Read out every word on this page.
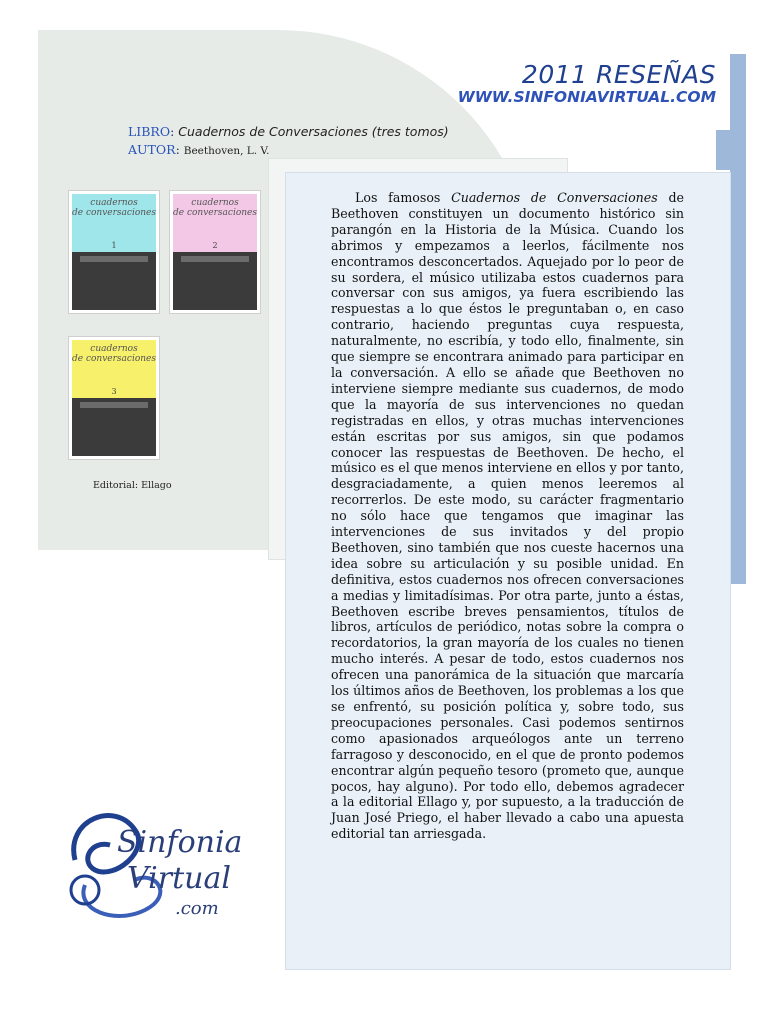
2011 RESEÑAS
WWW.SINFONIAVIRTUAL.COM
LIBRO: Cuadernos de Conversaciones (tres tomos)
AUTOR: Beethoven, L. V.
cuadernos
de conversaciones
1
cuadernos
de conversaciones
2
cuadernos
de conversaciones
3
Editorial: Ellago
Los famosos Cuadernos de Conversaciones de Beethoven constituyen un documento histórico sin parangón en la Historia de la Música. Cuando los abrimos y empezamos a leerlos, fácilmente nos encontramos desconcertados. Aquejado por lo peor de su sordera, el músico utilizaba estos cuadernos para conversar con sus amigos, ya fuera escribiendo las respuestas a lo que éstos le preguntaban o, en caso contrario, haciendo preguntas cuya respuesta, naturalmente, no escribía, y todo ello, finalmente, sin que siempre se encontrara animado para participar en la conversación. A ello se añade que Beethoven no interviene siempre mediante sus cuadernos, de modo que la mayoría de sus intervenciones no quedan registradas en ellos, y otras muchas intervenciones están escritas por sus amigos, sin que podamos conocer las respuestas de Beethoven. De hecho, el músico es el que menos interviene en ellos y por tanto, desgraciadamente, a quien menos leeremos al recorrerlos. De este modo, su carácter fragmentario no sólo hace que tengamos que imaginar las intervenciones de sus invitados y del propio Beethoven, sino también que nos cueste hacernos una idea sobre su articulación y su posible unidad. En definitiva, estos cuadernos nos ofrecen conversaciones a medias y limitadísimas. Por otra parte, junto a éstas, Beethoven escribe breves pensamientos, títulos de libros, artículos de periódico, notas sobre la compra o recordatorios, la gran mayoría de los cuales no tienen mucho interés. A pesar de todo, estos cuadernos nos ofrecen una panorámica de la situación que marcaría los últimos años de Beethoven, los problemas a los que se enfrentó, su posición política y, sobre todo, sus preocupaciones personales. Casi podemos sentirnos como apasionados arqueólogos ante un terreno farragoso y desconocido, en el que de pronto podemos encontrar algún pequeño tesoro (prometo que, aunque pocos, hay alguno). Por todo ello, debemos agradecer a la editorial Ellago y, por supuesto, a la traducción de Juan José Priego, el haber llevado a cabo una apuesta editorial tan arriesgada.
Sinfonia
Virtual
.com
